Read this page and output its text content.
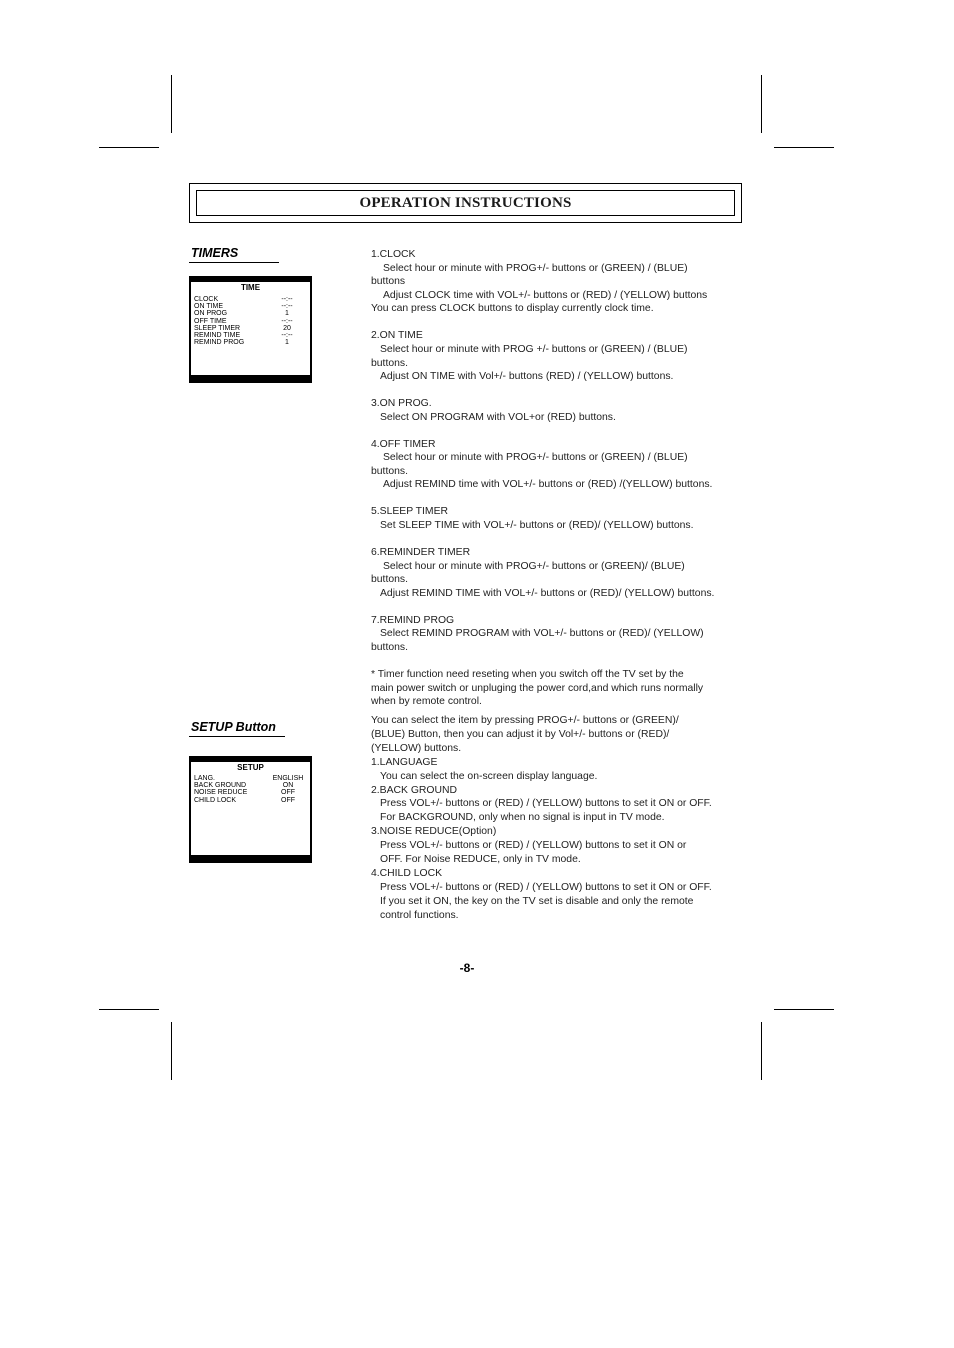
OPERATION INSTRUCTIONS
TIMERS
TIME
CLOCK	--:--
ON TIME	--:--
ON PROG	1
OFF TIME	--:--
SLEEP TIMER	20
REMIND TIME	--:--
REMIND PROG	1
SETUP Button
SETUP
LANG.	ENGLISH
BACK GROUND	ON
NOISE REDUCE	OFF
CHILD LOCK	OFF

1.CLOCK

Select hour or minute with PROG+/- buttons or (GREEN) / (BLUE)

buttons

Adjust CLOCK time with VOL+/- buttons or (RED) / (YELLOW) buttons

You can press CLOCK buttons to display currently clock time.

2.ON TIME

Select hour or minute with PROG +/- buttons or (GREEN) / (BLUE)

buttons.

Adjust ON TIME with Vol+/- buttons (RED) / (YELLOW) buttons.

3.ON PROG.

Select ON PROGRAM with VOL+or (RED) buttons.

4.OFF TIMER

Select hour or minute with PROG+/- buttons or (GREEN) / (BLUE)

buttons.

Adjust REMIND time with VOL+/- buttons or (RED) /(YELLOW) buttons.

5.SLEEP TIMER

Set SLEEP TIME with VOL+/- buttons or (RED)/ (YELLOW) buttons.

6.REMINDER TIMER

Select hour or minute with PROG+/- buttons or (GREEN)/ (BLUE)

buttons.

Adjust REMIND TIME with VOL+/- buttons or (RED)/ (YELLOW) buttons.

7.REMIND PROG

Select REMIND PROGRAM with VOL+/- buttons or (RED)/ (YELLOW)

buttons.

* Timer function need reseting when you switch off the TV set by the

main power switch or unpluging the power cord,and which runs normally

when by remote control.

You can select the item by pressing PROG+/- buttons or (GREEN)/

(BLUE) Button, then you can adjust it by Vol+/- buttons or (RED)/

(YELLOW) buttons.

1.LANGUAGE

You can select the on-screen display language.

2.BACK GROUND

Press VOL+/- buttons or (RED) / (YELLOW) buttons to set it ON or OFF.

For BACKGROUND, only when no signal is input in TV mode.

3.NOISE REDUCE(Option)

Press VOL+/- buttons or (RED) / (YELLOW) buttons to set it ON or

OFF. For Noise REDUCE, only in TV mode.

4.CHILD LOCK

Press VOL+/- buttons or (RED) / (YELLOW) buttons to set it ON or OFF.

If you set it ON, the key on the TV set is disable and only the remote

control functions.

-8-
